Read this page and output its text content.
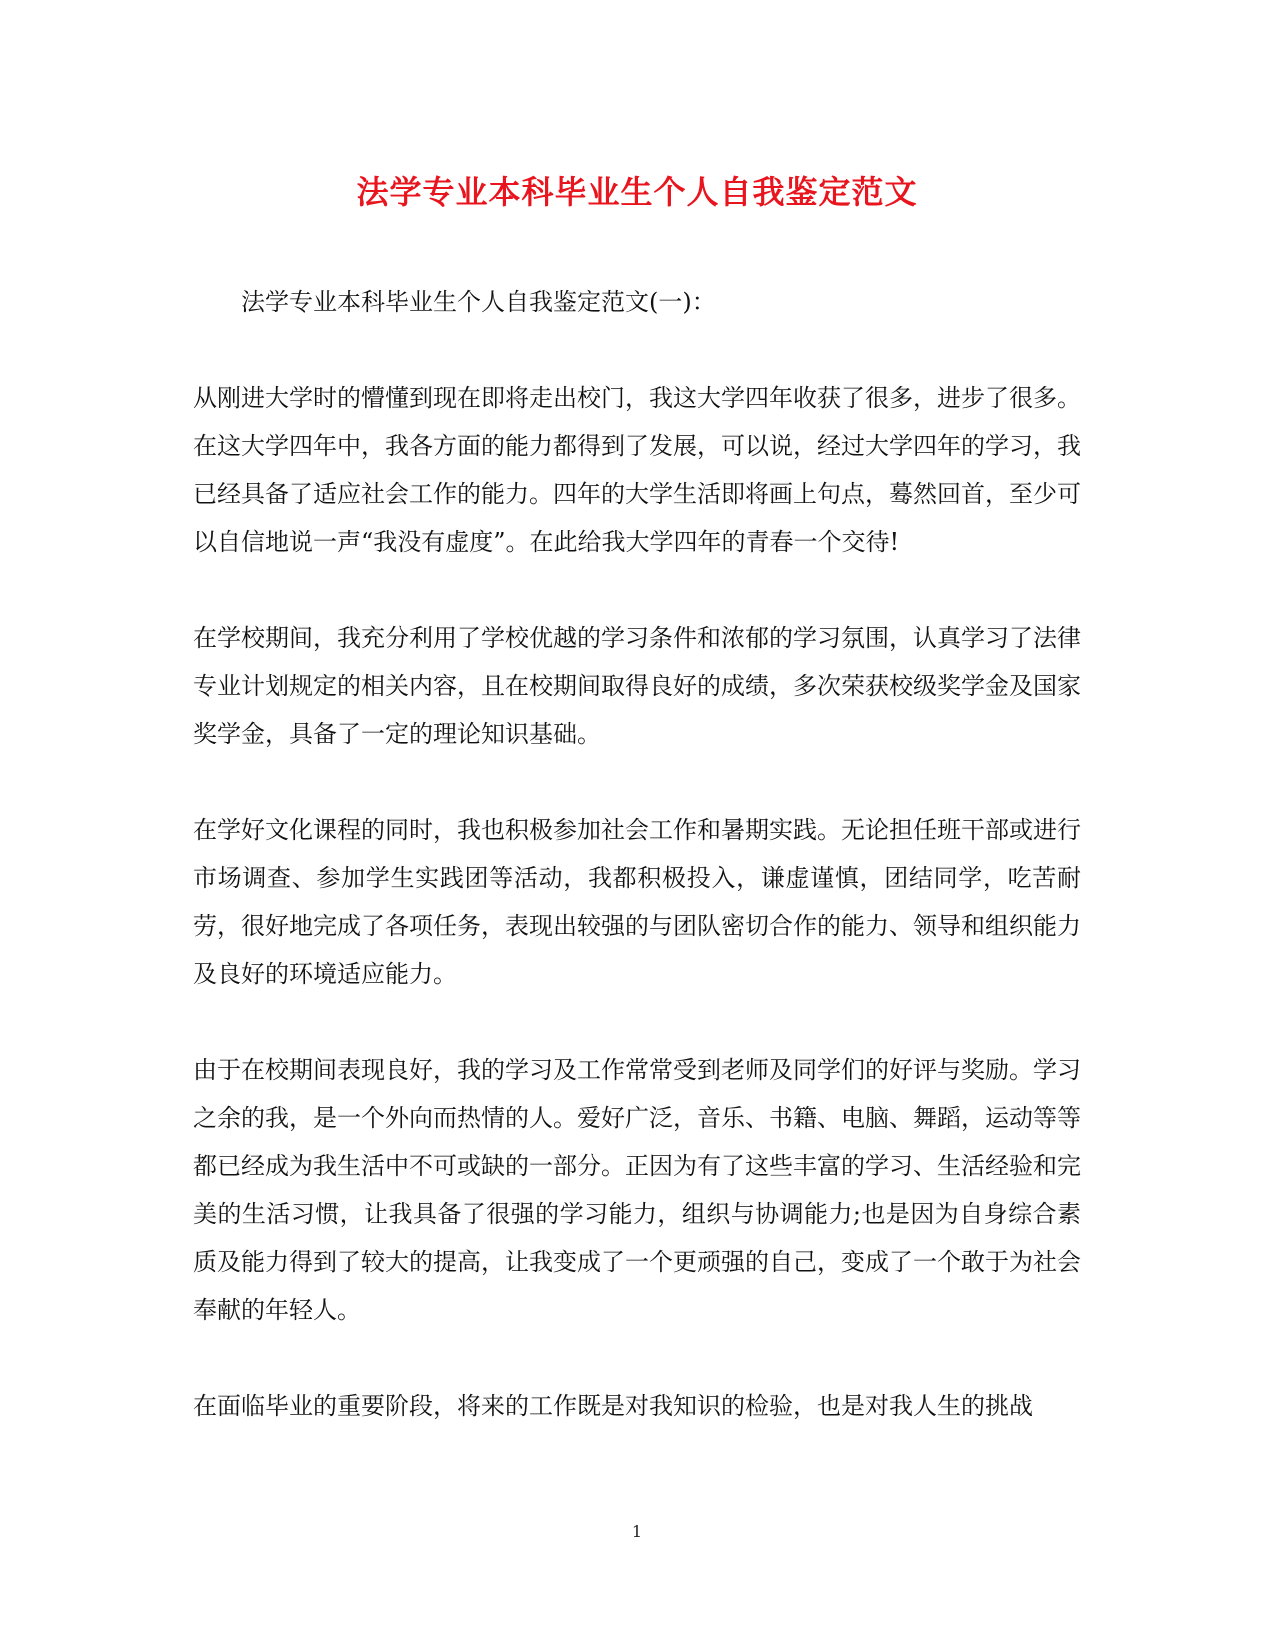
法学专业本科毕业生个人自我鉴定范文

法学专业本科毕业生个人自我鉴定范文(一)：

从刚进大学时的懵懂到现在即将走出校门，我这大学四年收获了很多，进步了很多。在这大学四年中，我各方面的能力都得到了发展，可以说，经过大学四年的学习，我已经具备了适应社会工作的能力。四年的大学生活即将画上句点，蓦然回首，至少可以自信地说一声“我没有虚度”。在此给我大学四年的青春一个交待!

在学校期间，我充分利用了学校优越的学习条件和浓郁的学习氛围，认真学习了法律专业计划规定的相关内容，且在校期间取得良好的成绩，多次荣获校级奖学金及国家奖学金，具备了一定的理论知识基础。

在学好文化课程的同时，我也积极参加社会工作和暑期实践。无论担任班干部或进行市场调查、参加学生实践团等活动，我都积极投入，谦虚谨慎，团结同学，吃苦耐劳，很好地完成了各项任务，表现出较强的与团队密切合作的能力、领导和组织能力及良好的环境适应能力。

由于在校期间表现良好，我的学习及工作常常受到老师及同学们的好评与奖励。学习之余的我，是一个外向而热情的人。爱好广泛，音乐、书籍、电脑、舞蹈，运动等等都已经成为我生活中不可或缺的一部分。正因为有了这些丰富的学习、生活经验和完美的生活习惯，让我具备了很强的学习能力，组织与协调能力;也是因为自身综合素质及能力得到了较大的提高，让我变成了一个更顽强的自己，变成了一个敢于为社会奉献的年轻人。

在面临毕业的重要阶段，将来的工作既是对我知识的检验，也是对我人生的挑战

1
